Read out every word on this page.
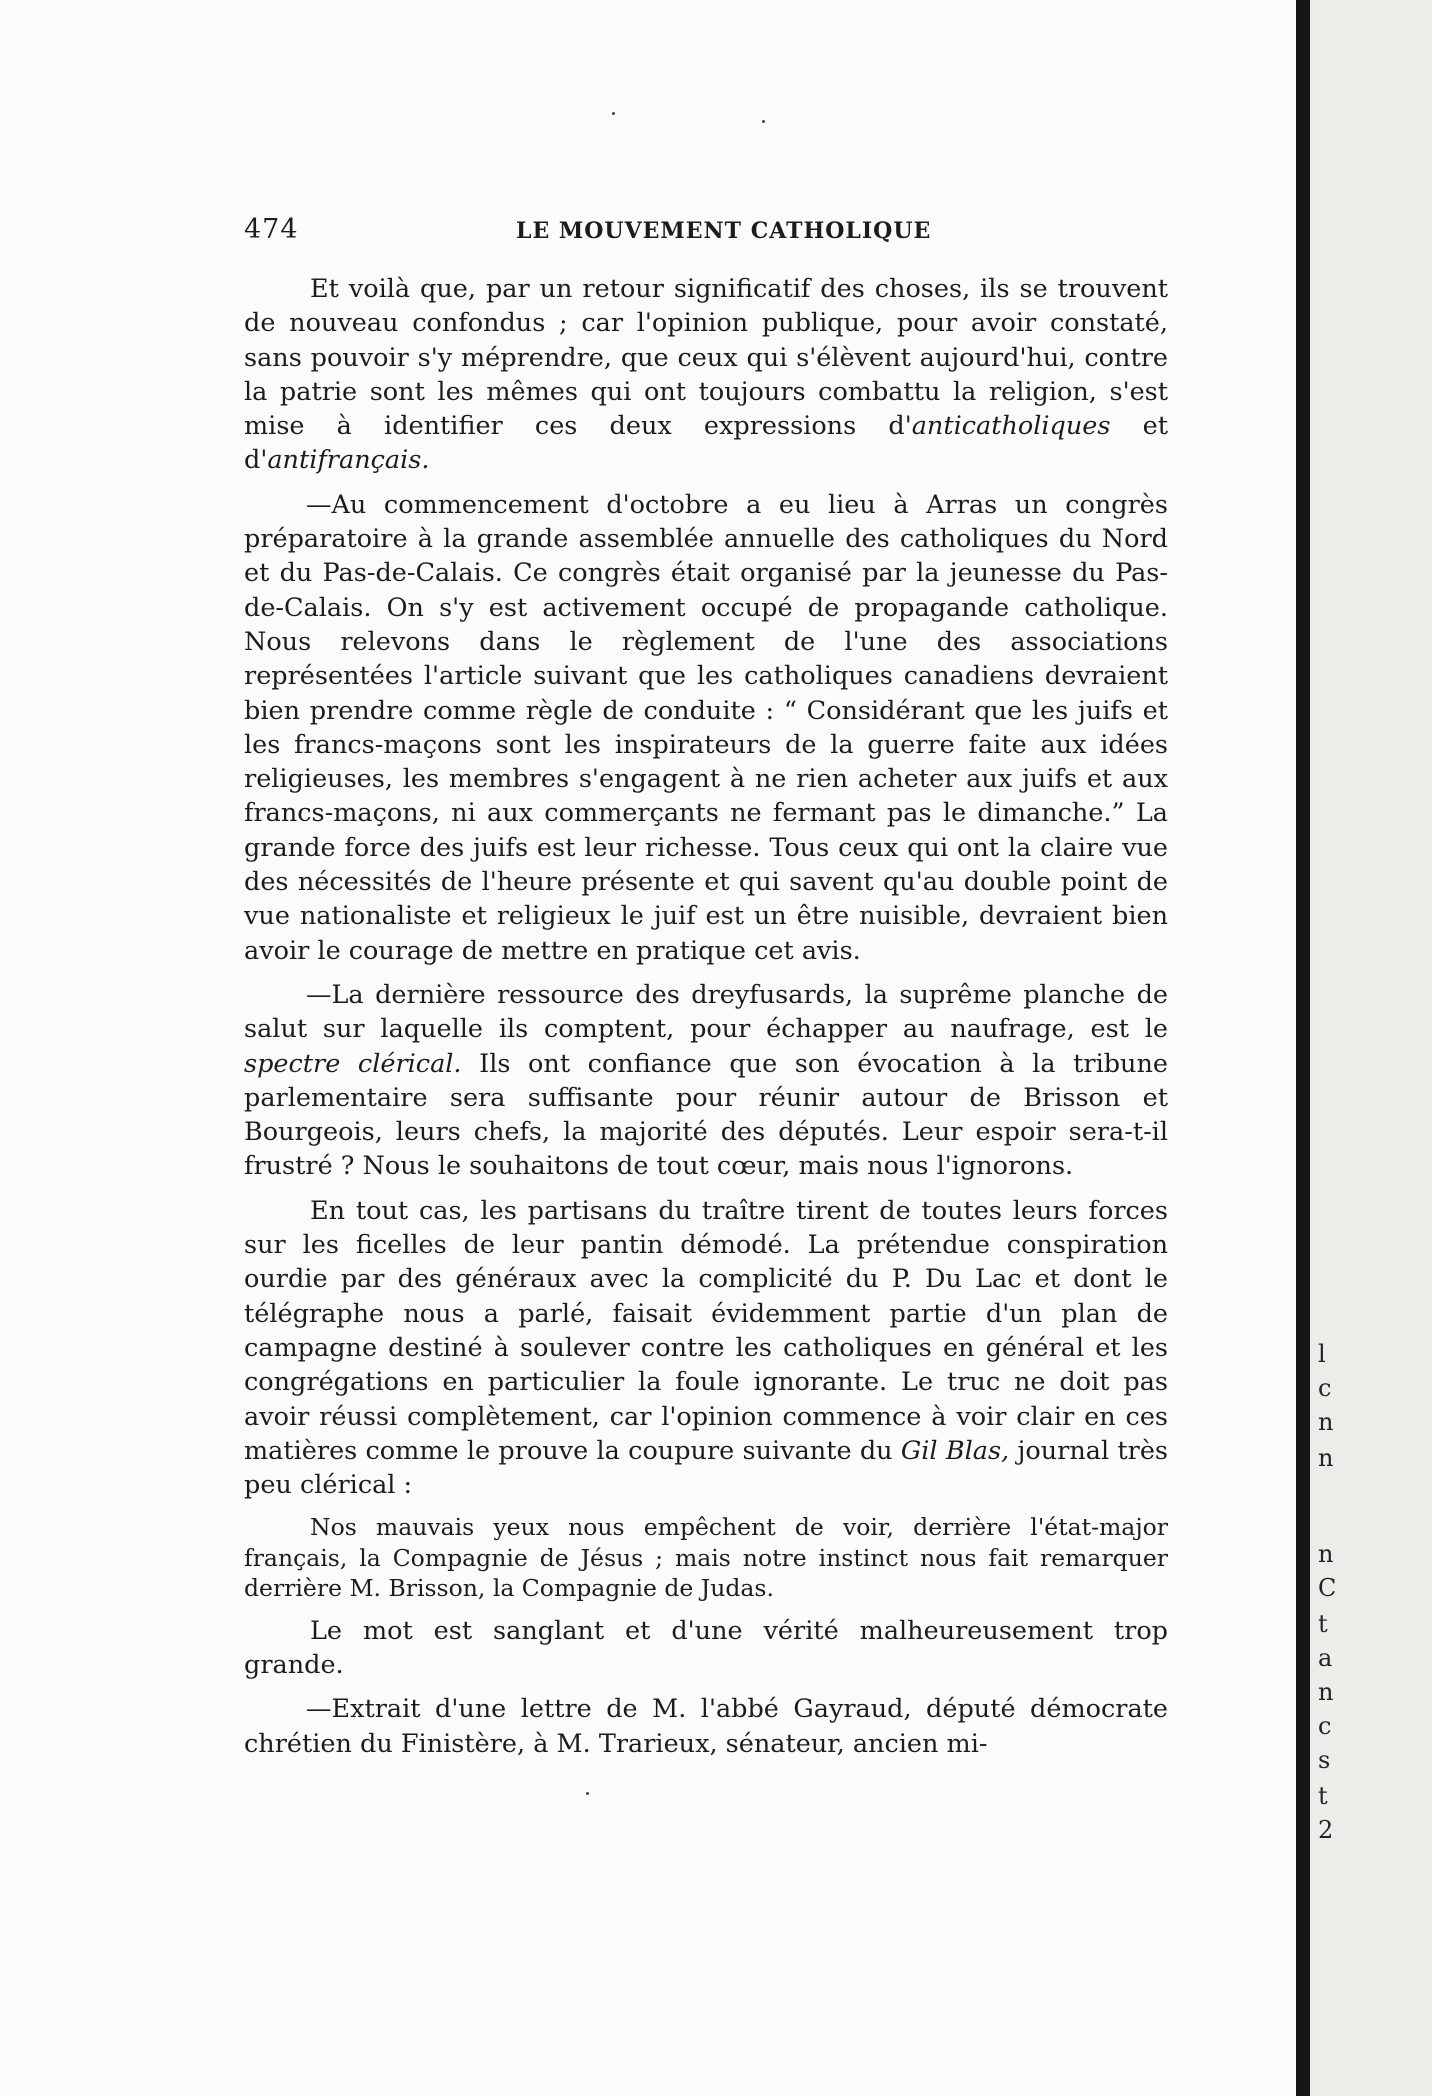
474	LE MOUVEMENT CATHOLIQUE

Et voilà que, par un retour significatif des choses, ils se trouvent de nouveau confondus ; car l'opinion publique, pour avoir constaté, sans pouvoir s'y méprendre, que ceux qui s'élèvent aujourd'hui, contre la patrie sont les mêmes qui ont toujours combattu la religion, s'est mise à identifier ces deux expressions d'anticatholiques et d'antifrançais.

—Au commencement d'octobre a eu lieu à Arras un congrès préparatoire à la grande assemblée annuelle des catholiques du Nord et du Pas-de-Calais. Ce congrès était organisé par la jeunesse du Pas-de-Calais. On s'y est activement occupé de propagande catholique. Nous relevons dans le règlement de l'une des associations représentées l'article suivant que les catholiques canadiens devraient bien prendre comme règle de conduite : “ Considérant que les juifs et les francs-maçons sont les inspirateurs de la guerre faite aux idées religieuses, les membres s'engagent à ne rien acheter aux juifs et aux francs-maçons, ni aux commerçants ne fermant pas le dimanche.” La grande force des juifs est leur richesse. Tous ceux qui ont la claire vue des nécessités de l'heure présente et qui savent qu'au double point de vue nationaliste et religieux le juif est un être nuisible, devraient bien avoir le courage de mettre en pratique cet avis.

—La dernière ressource des dreyfusards, la suprême planche de salut sur laquelle ils comptent, pour échapper au naufrage, est le spectre clérical. Ils ont confiance que son évocation à la tribune parlementaire sera suffisante pour réunir autour de Brisson et Bourgeois, leurs chefs, la majorité des députés. Leur espoir sera-t-il frustré ? Nous le souhaitons de tout cœur, mais nous l'ignorons.

En tout cas, les partisans du traître tirent de toutes leurs forces sur les ficelles de leur pantin démodé. La prétendue conspiration ourdie par des généraux avec la complicité du P. Du Lac et dont le télégraphe nous a parlé, faisait évidemment partie d'un plan de campagne destiné à soulever contre les catholiques en général et les congrégations en particulier la foule ignorante. Le truc ne doit pas avoir réussi complètement, car l'opinion commence à voir clair en ces matières comme le prouve la coupure suivante du Gil Blas, journal très peu clérical :

Nos mauvais yeux nous empêchent de voir, derrière l'état-major français, la Compagnie de Jésus ; mais notre instinct nous fait remarquer derrière M. Brisson, la Compagnie de Judas.

Le mot est sanglant et d'une vérité malheureusement trop grande.

—Extrait d'une lettre de M. l'abbé Gayraud, député démocrate chrétien du Finistère, à M. Trarieux, sénateur, ancien mi-

l
c
n
n
n
C
t
a
n
c
s
t
2
